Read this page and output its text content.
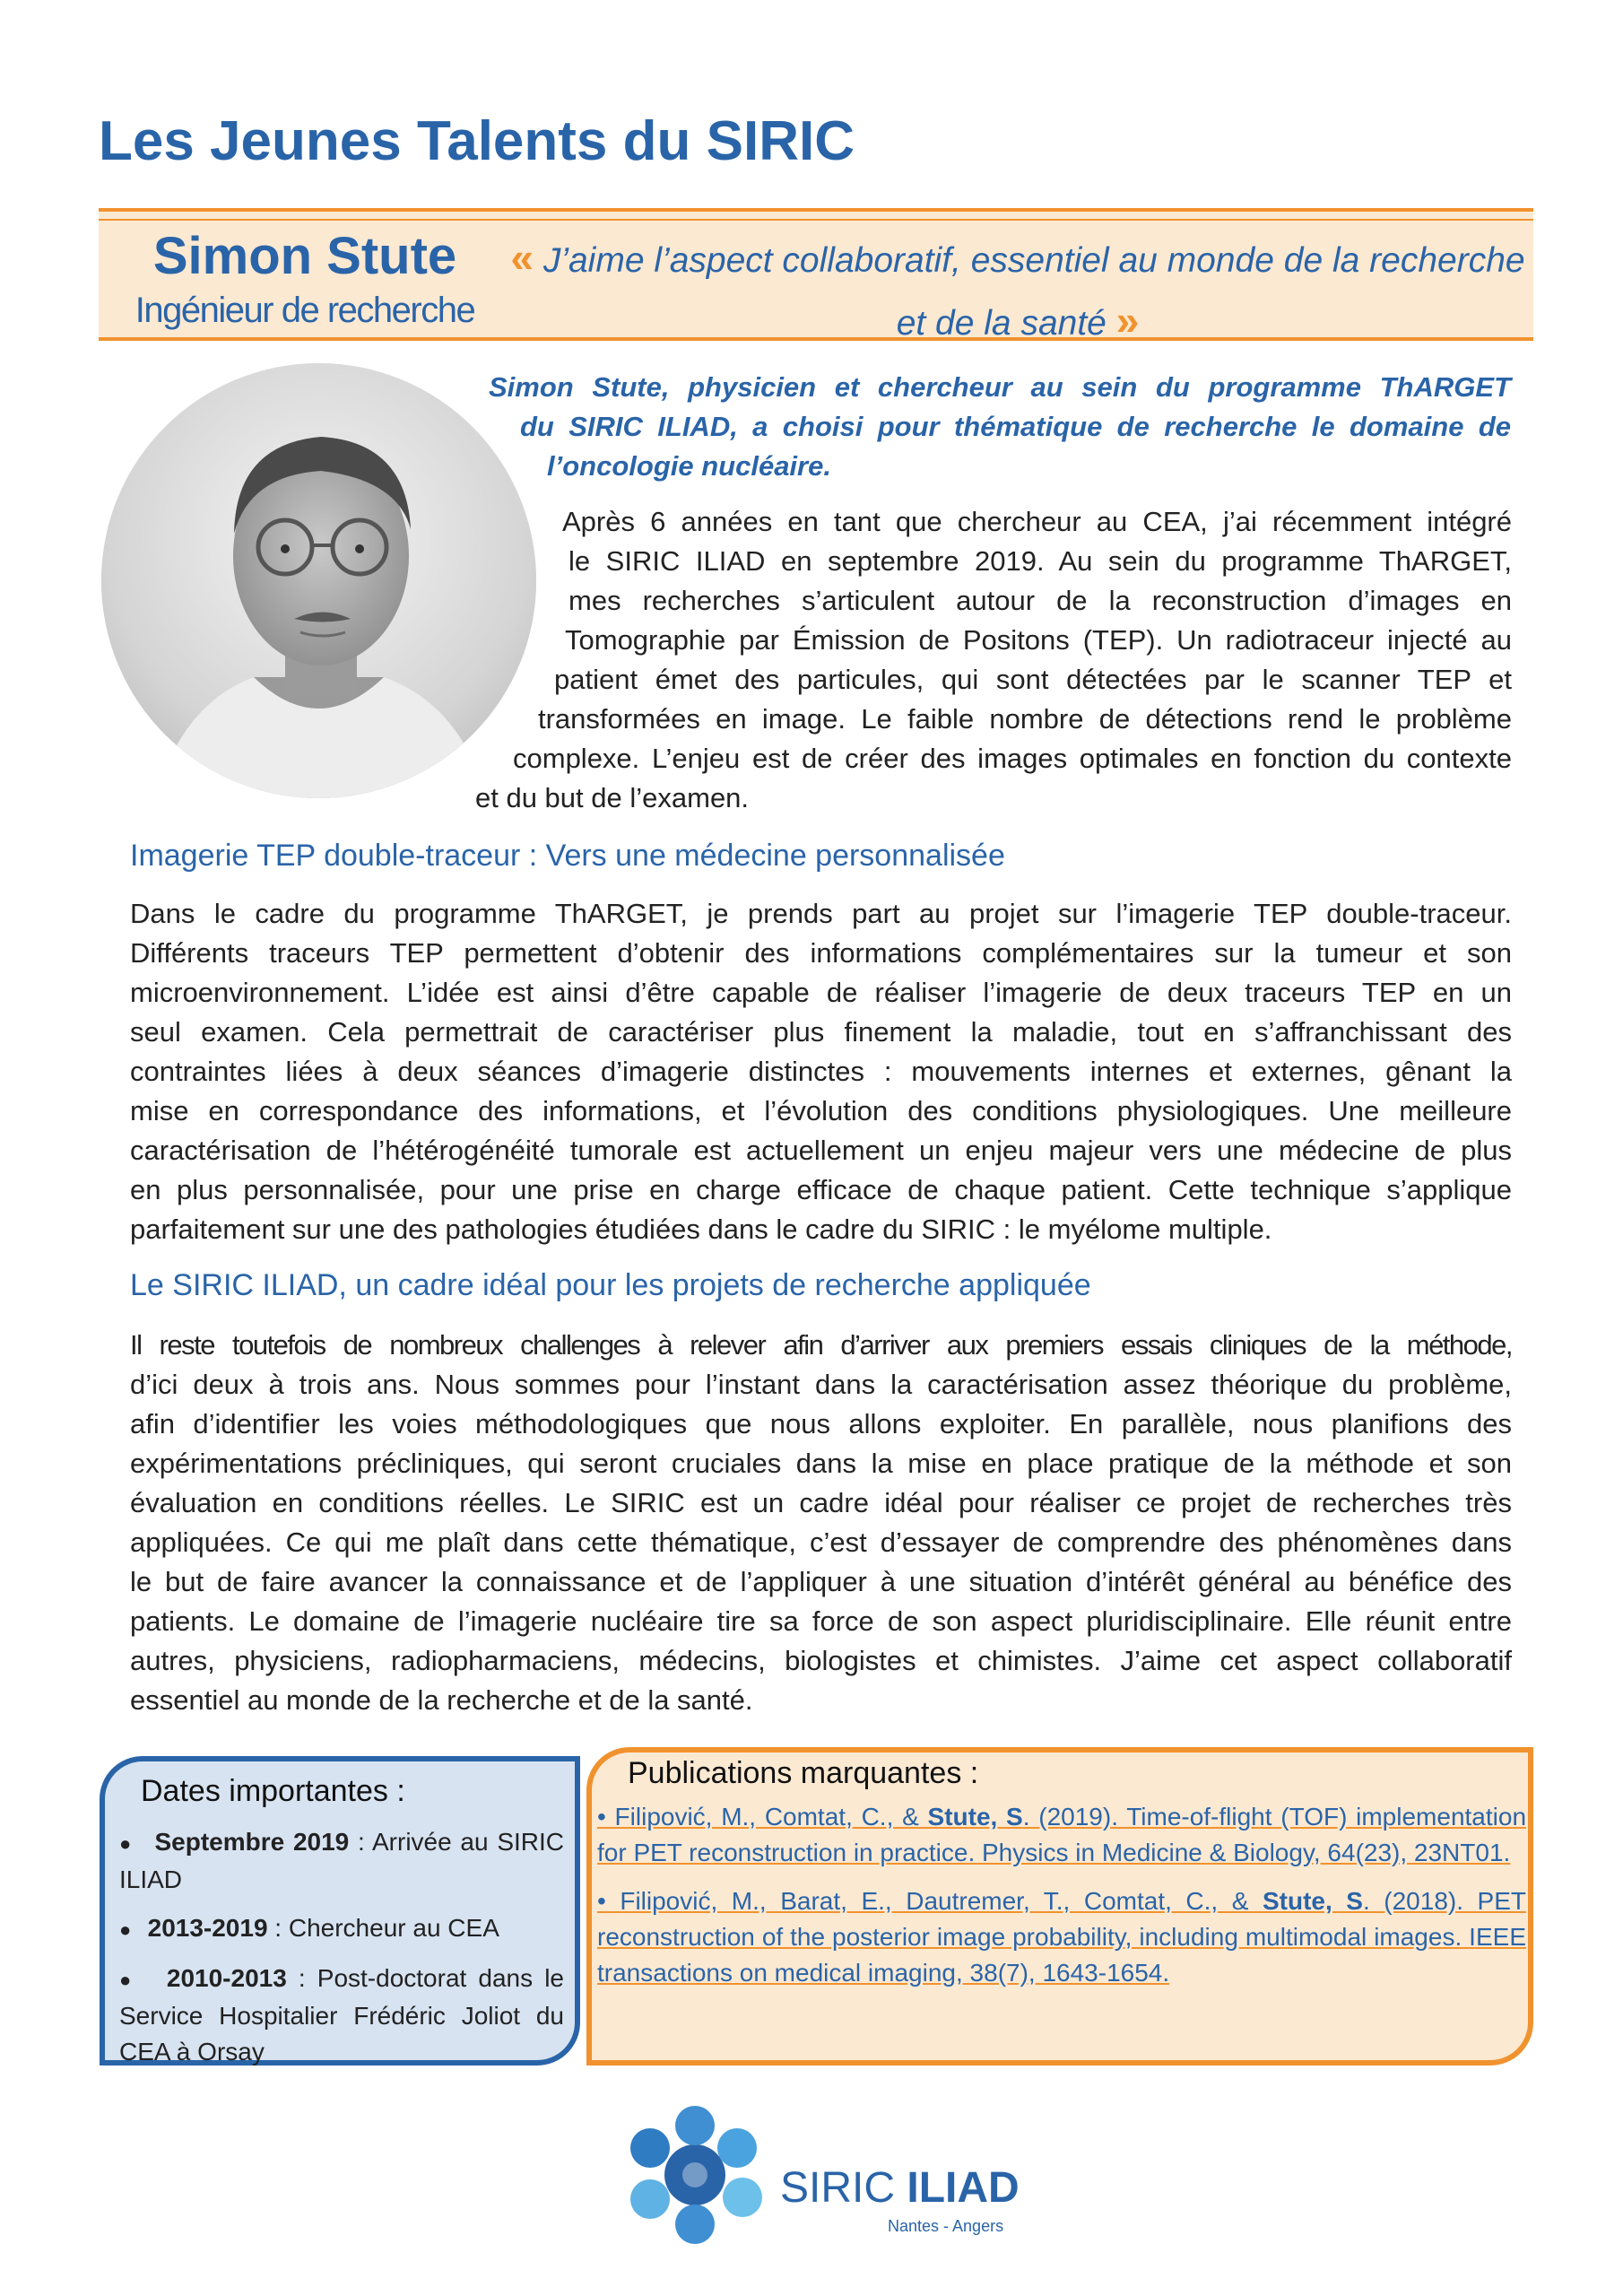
Les Jeunes Talents du SIRIC
Simon Stute
Ingénieur de recherche
« J’aime l’aspect collaboratif, essentiel au monde de la recherche
et de la santé »
Simon Stute, physicien et chercheur au sein du programme ThARGET
du SIRIC ILIAD, a choisi pour thématique de recherche le domaine de
l’oncologie nucléaire.
Après 6 années en tant que chercheur au CEA, j’ai récemment intégré
le SIRIC ILIAD en septembre 2019. Au sein du programme ThARGET,
mes recherches s’articulent autour de la reconstruction d’images en
Tomographie par Émission de Positons (TEP). Un radiotraceur injecté au
patient émet des particules, qui sont détectées par le scanner TEP et
transformées en image. Le faible nombre de détections rend le problème
complexe. L’enjeu est de créer des images optimales en fonction du contexte
et du but de l’examen.
Imagerie TEP double-traceur : Vers une médecine personnalisée
Dans le cadre du programme ThARGET, je prends part au projet sur l’imagerie TEP double-traceur.
Différents traceurs TEP permettent d’obtenir des informations complémentaires sur la tumeur et son
microenvironnement. L’idée est ainsi d’être capable de réaliser l’imagerie de deux traceurs TEP en un
seul examen. Cela permettrait de caractériser plus finement la maladie, tout en s’affranchissant des
contraintes liées à deux séances d’imagerie distinctes : mouvements internes et externes, gênant la
mise en correspondance des informations, et l’évolution des conditions physiologiques. Une meilleure
caractérisation de l’hétérogénéité tumorale est actuellement un enjeu majeur vers une médecine de plus
en plus personnalisée, pour une prise en charge efficace de chaque patient. Cette technique s’applique
parfaitement sur une des pathologies étudiées dans le cadre du SIRIC : le myélome multiple.
Le SIRIC ILIAD, un cadre idéal pour les projets de recherche appliquée
Il reste toutefois de nombreux challenges à relever afin d’arriver aux premiers essais cliniques de la méthode,
d’ici deux à trois ans. Nous sommes pour l’instant dans la caractérisation assez théorique du problème,
afin d’identifier les voies méthodologiques que nous allons exploiter. En parallèle, nous planifions des
expérimentations précliniques, qui seront cruciales dans la mise en place pratique de la méthode et son
évaluation en conditions réelles. Le SIRIC est un cadre idéal pour réaliser ce projet de recherches très
appliquées. Ce qui me plaît dans cette thématique, c’est d’essayer de comprendre des phénomènes dans
le but de faire avancer la connaissance et de l’appliquer à une situation d’intérêt général au bénéfice des
patients. Le domaine de l’imagerie nucléaire tire sa force de son aspect pluridisciplinaire. Elle réunit entre
autres, physiciens, radiopharmaciens, médecins, biologistes et chimistes. J’aime cet aspect collaboratif
essentiel au monde de la recherche et de la santé.
Dates importantes :
●   Septembre 2019 : Arrivée au SIRIC ILIAD
●   2013-2019 : Chercheur au CEA
●   2010-2013 : Post-doctorat dans le Service Hospitalier Frédéric Joliot du CEA à Orsay
Publications marquantes :
• Filipović, M., Comtat, C., & Stute, S. (2019). Time-of-flight (TOF) implementation for PET reconstruction in practice. Physics in Medicine & Biology, 64(23), 23NT01.
• Filipović, M., Barat, E., Dautremer, T., Comtat, C., & Stute, S. (2018). PET reconstruction of the posterior image probability, including multimodal images. IEEE transactions on medical imaging, 38(7), 1643-1654.
SIRIC ILIAD
Nantes - Angers
